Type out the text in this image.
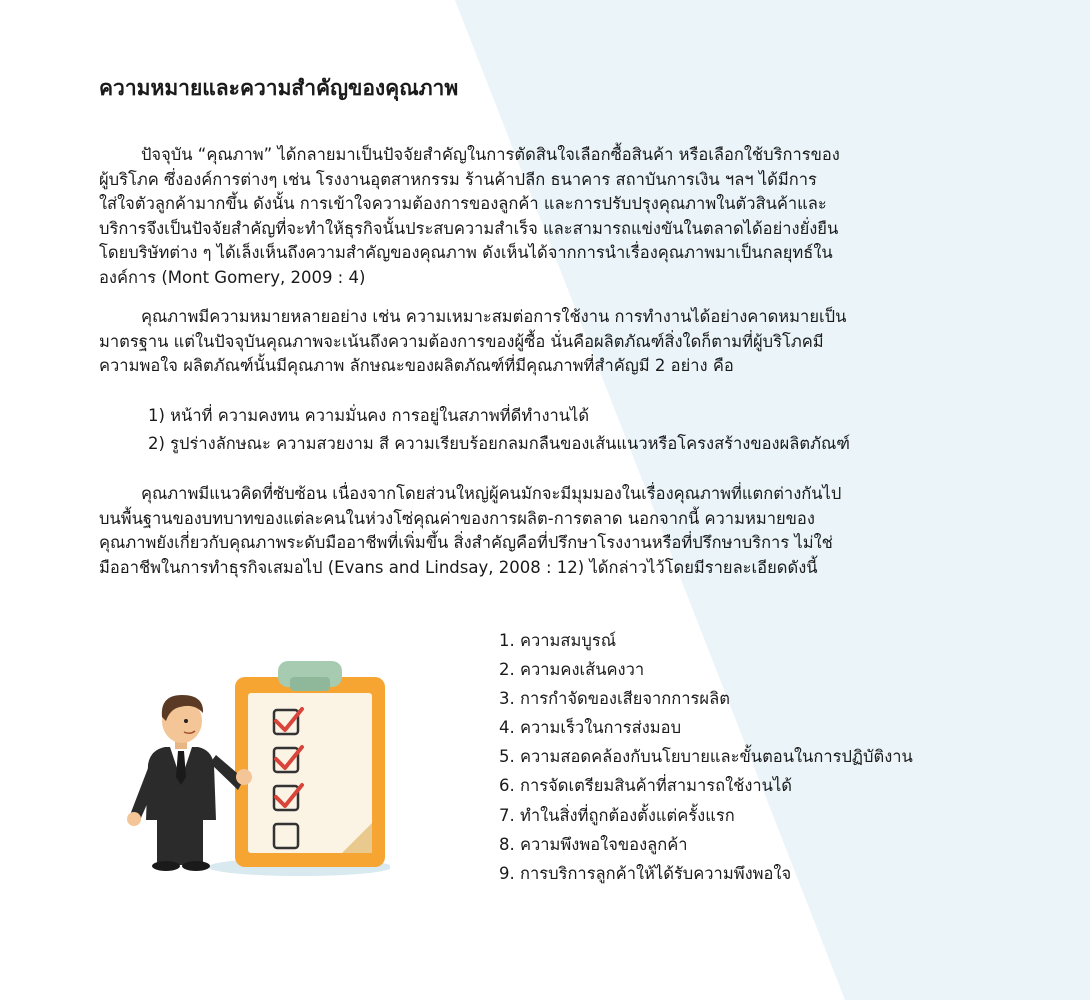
ความหมายและความสำคัญของคุณภาพ
ปัจจุบัน “คุณภาพ” ได้กลายมาเป็นปัจจัยสำคัญในการตัดสินใจเลือกซื้อสินค้า หรือเลือกใช้บริการของ
ผู้บริโภค ซึ่งองค์การต่างๆ เช่น โรงงานอุตสาหกรรม ร้านค้าปลีก ธนาคาร สถาบันการเงิน ฯลฯ ได้มีการ
ใส่ใจตัวลูกค้ามากขึ้น ดังนั้น การเข้าใจความต้องการของลูกค้า และการปรับปรุงคุณภาพในตัวสินค้าและ
บริการจึงเป็นปัจจัยสำคัญที่จะทำให้ธุรกิจนั้นประสบความสำเร็จ และสามารถแข่งขันในตลาดได้อย่างยั่งยืน
โดยบริษัทต่าง ๆ ได้เล็งเห็นถึงความสำคัญของคุณภาพ ดังเห็นได้จากการนำเรื่องคุณภาพมาเป็นกลยุทธ์ใน
องค์การ (Mont Gomery, 2009 : 4)
คุณภาพมีความหมายหลายอย่าง เช่น ความเหมาะสมต่อการใช้งาน การทำงานได้อย่างคาดหมายเป็น
มาตรฐาน แต่ในปัจจุบันคุณภาพจะเน้นถึงความต้องการของผู้ซื้อ นั่นคือผลิตภัณฑ์สิ่งใดก็ตามที่ผู้บริโภคมี
ความพอใจ ผลิตภัณฑ์นั้นมีคุณภาพ ลักษณะของผลิตภัณฑ์ที่มีคุณภาพที่สำคัญมี 2 อย่าง คือ
1) หน้าที่ ความคงทน ความมั่นคง การอยู่ในสภาพที่ดีทำงานได้
2) รูปร่างลักษณะ ความสวยงาม สี ความเรียบร้อยกลมกลืนของเส้นแนวหรือโครงสร้างของผลิตภัณฑ์
คุณภาพมีแนวคิดที่ซับซ้อน เนื่องจากโดยส่วนใหญ่ผู้คนมักจะมีมุมมองในเรื่องคุณภาพที่แตกต่างกันไป
บนพื้นฐานของบทบาทของแต่ละคนในห่วงโซ่คุณค่าของการผลิต-การตลาด นอกจากนี้ ความหมายของ
คุณภาพยังเกี่ยวกับคุณภาพระดับมืออาชีพที่เพิ่มขึ้น สิ่งสำคัญคือที่ปรึกษาโรงงานหรือที่ปรึกษาบริการ ไม่ใช่
มืออาชีพในการทำธุรกิจเสมอไป (Evans and Lindsay, 2008 : 12) ได้กล่าวไว้โดยมีรายละเอียดดังนี้
1. ความสมบูรณ์
2. ความคงเส้นคงวา
3. การกำจัดของเสียจากการผลิต
4. ความเร็วในการส่งมอบ
5. ความสอดคล้องกับนโยบายและขั้นตอนในการปฏิบัติงาน
6. การจัดเตรียมสินค้าที่สามารถใช้งานได้
7. ทำในสิ่งที่ถูกต้องตั้งแต่ครั้งแรก
8. ความพึงพอใจของลูกค้า
9. การบริการลูกค้าให้ได้รับความพึงพอใจ
